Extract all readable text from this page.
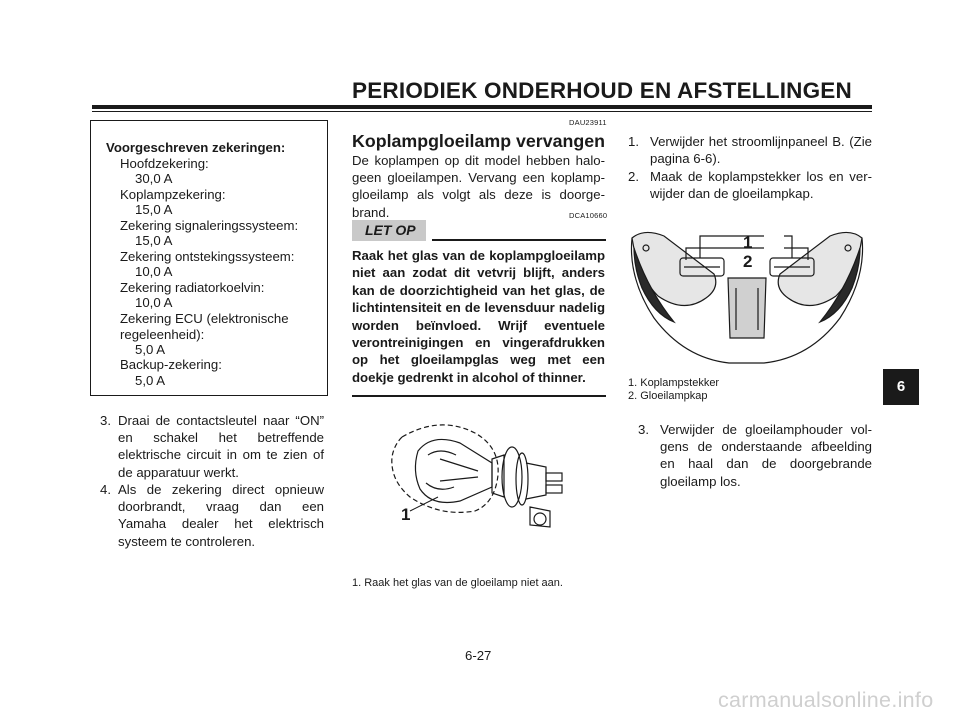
PERIODIEK ONDERHOUD EN AFSTELLINGEN
Voorgeschreven zekeringen:
Hoofdzekering:
30,0 A
Koplampzekering:
15,0 A
Zekering signaleringssysteem:
15,0 A
Zekering ontstekingssysteem:
10,0 A
Zekering radiatorkoelvin:
10,0 A
Zekering ECU (elektronische regeleenheid):
5,0 A
Backup-zekering:
5,0 A
3. Draai de contactsleutel naar “ON” en schakel het betreffende elektrische circuit in om te zien of de apparatuur werkt.
4. Als de zekering direct opnieuw doorbrandt, vraag dan een Yamaha dealer het elektrisch systeem te controleren.
DAU23911
Koplampgloeilamp vervangen
De koplampen op dit model hebben halogeen gloeilampen. Vervang een koplampgloeilamp als volgt als deze is doorgebrand.	DCA10660
LET OP
Raak het glas van de koplampgloeilamp niet aan zodat dit vetvrij blijft, anders kan de doorzichtigheid van het glas, de lichtintensiteit en de levensduur nadelig worden beïnvloed. Wrijf eventuele verontreinigingen en vingerafdrukken op het gloeilampglas weg met een doekje gedrenkt in alcohol of thinner.
1
1. Raak het glas van de gloeilamp niet aan.
1. Verwijder het stroomlijnpaneel B. (Zie pagina 6-6).
2. Maak de koplampstekker los en verwijder dan de gloeilampkap.
1
2
1. Koplampstekker
2. Gloeilampkap
3. Verwijder de gloeilamphouder volgens de onderstaande afbeelding en haal dan de doorgebrande gloeilamp los.
6-27
6
carmanualsonline.info
